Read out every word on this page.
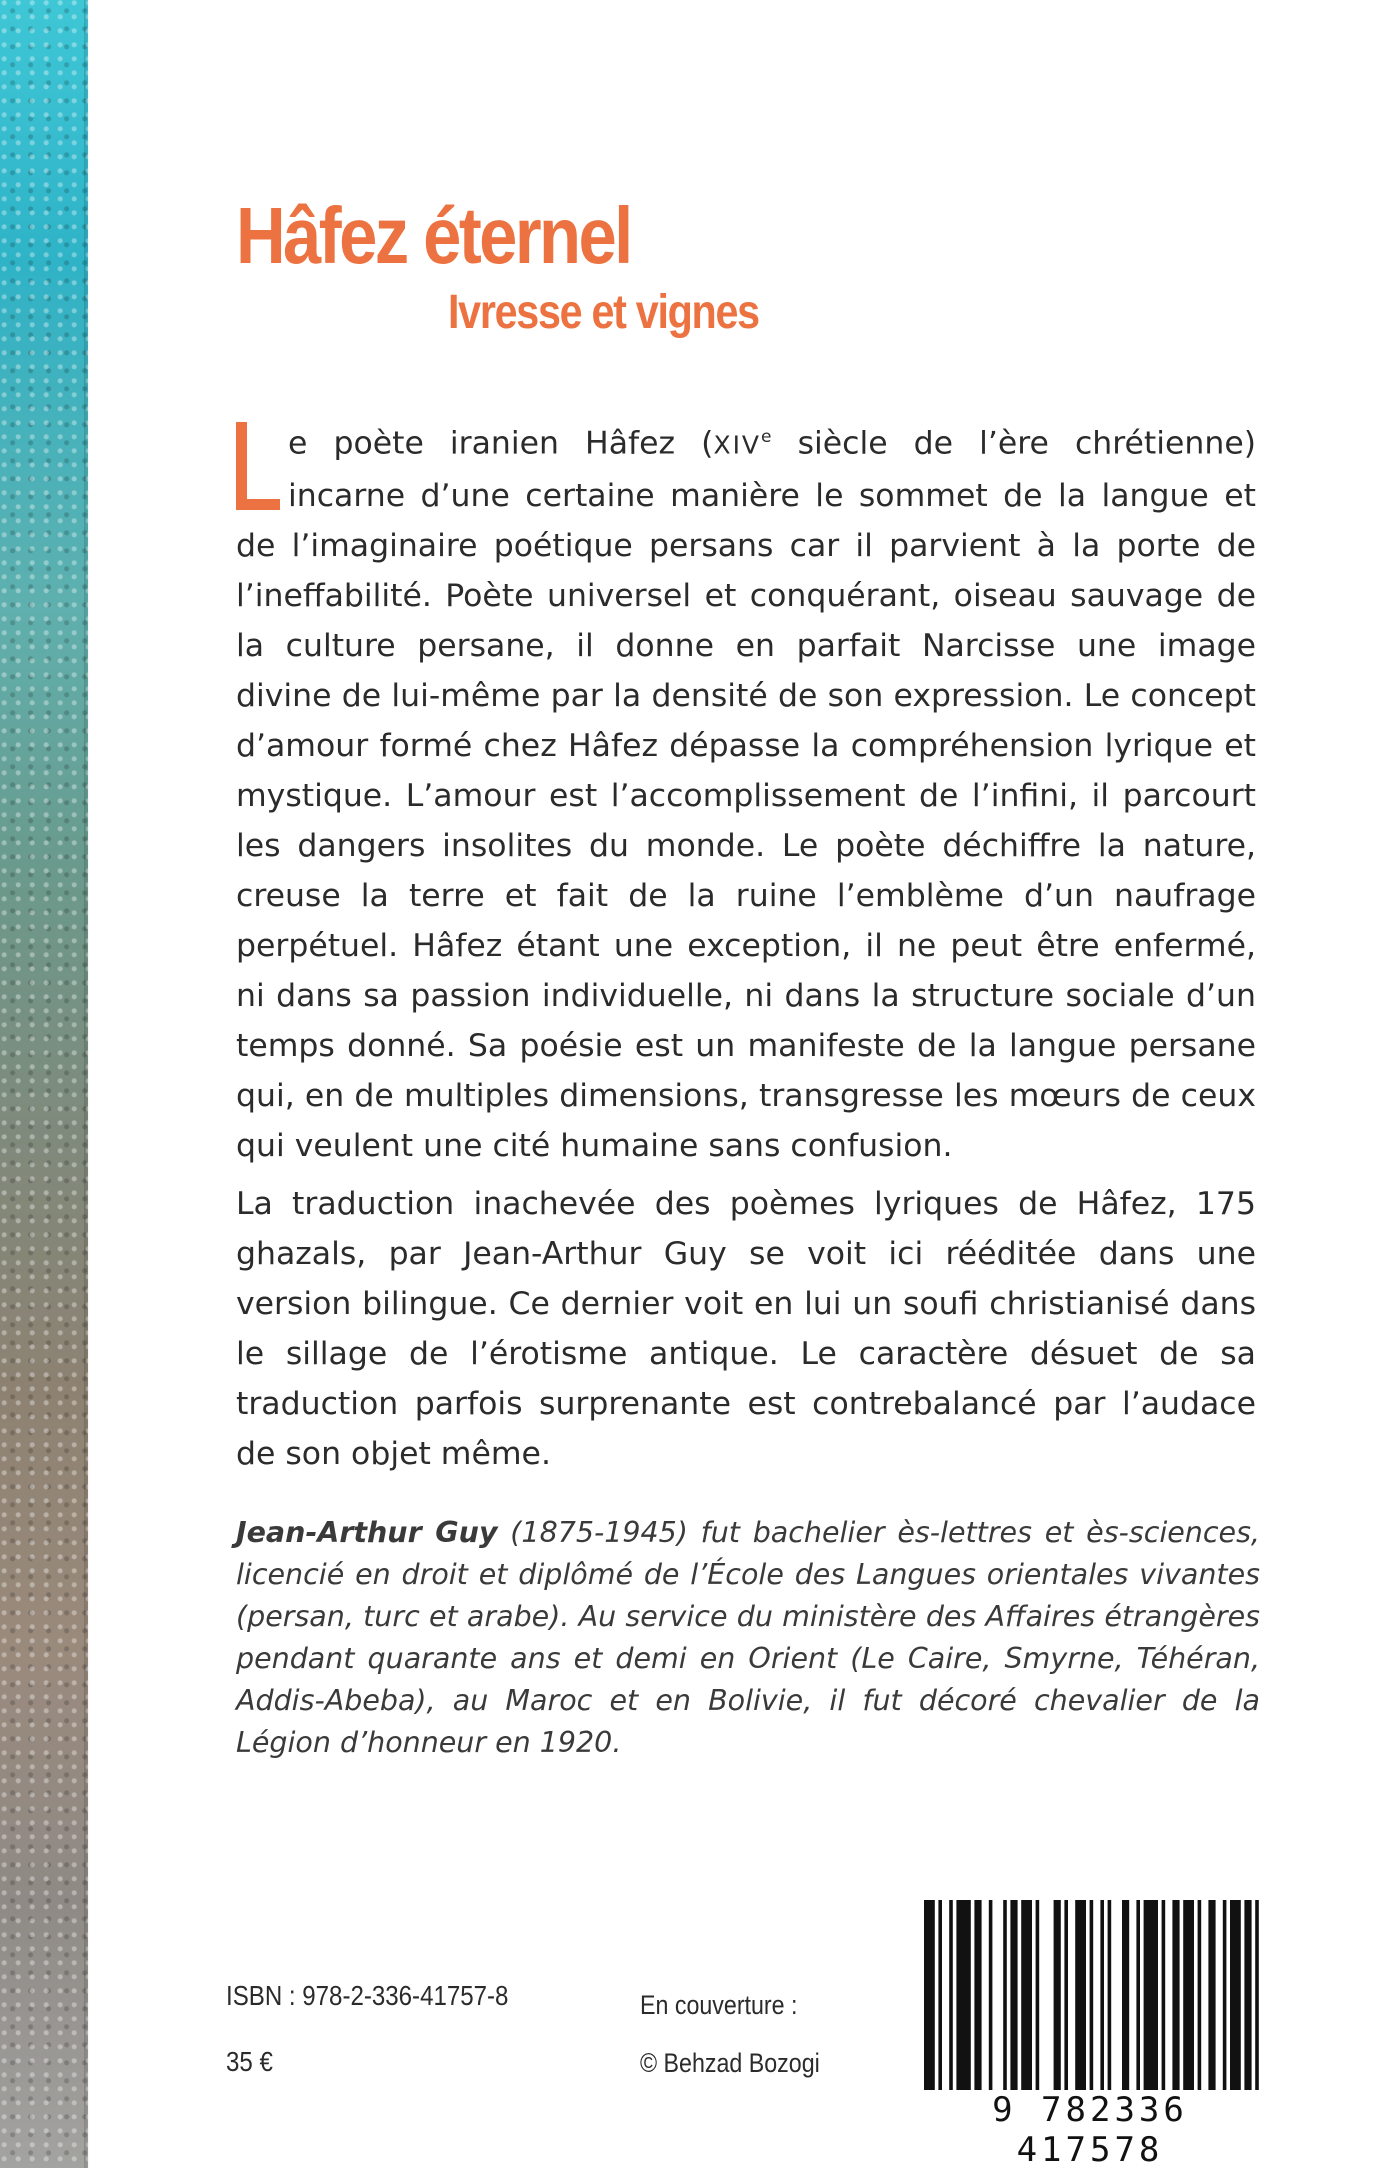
Hâfez éternel
Ivresse et vignes
e poète iranien Hâfez (XIVe siècle de l’ère chrétienne)
incarne d’une certaine manière le sommet de la langue et

de l’imaginaire poétique persans car il parvient à la porte de l’ineffabilité. Poète universel et conquérant, oiseau sauvage de la culture persane, il donne en parfait Narcisse une image divine de lui-même par la densité de son expression. Le concept d’amour formé chez Hâfez dépasse la compréhension lyrique et mystique. L’amour est l’accomplissement de l’infini, il parcourt les dangers insolites du monde. Le poète déchiffre la nature, creuse la terre et fait de la ruine l’emblème d’un naufrage perpétuel. Hâfez étant une exception, il ne peut être enfermé, ni dans sa passion individuelle, ni dans la structure sociale d’un temps donné. Sa poésie est un manifeste de la langue persane qui, en de multiples dimensions, transgresse les mœurs de ceux qui veulent une cité humaine sans confusion.

La traduction inachevée des poèmes lyriques de Hâfez, 175 ghazals, par Jean-Arthur Guy se voit ici rééditée dans une version bilingue. Ce dernier voit en lui un soufi christianisé dans le sillage de l’érotisme antique. Le caractère désuet de sa traduction parfois surprenante est contrebalancé par l’audace de son objet même.

Jean-Arthur Guy (1875-1945) fut bachelier ès-lettres et ès-sciences, licencié en droit et diplômé de l’École des Langues orientales vivantes (persan, turc et arabe). Au service du ministère des Affaires étrangères pendant quarante ans et demi en Orient (Le Caire, Smyrne, Téhéran, Addis-Abeba), au Maroc et en Bolivie, il fut décoré chevalier de la Légion d’honneur en 1920.
ISBN : 978-2-336-41757-8
35 €
En couverture :
© Behzad Bozogi
9 782336 417578
